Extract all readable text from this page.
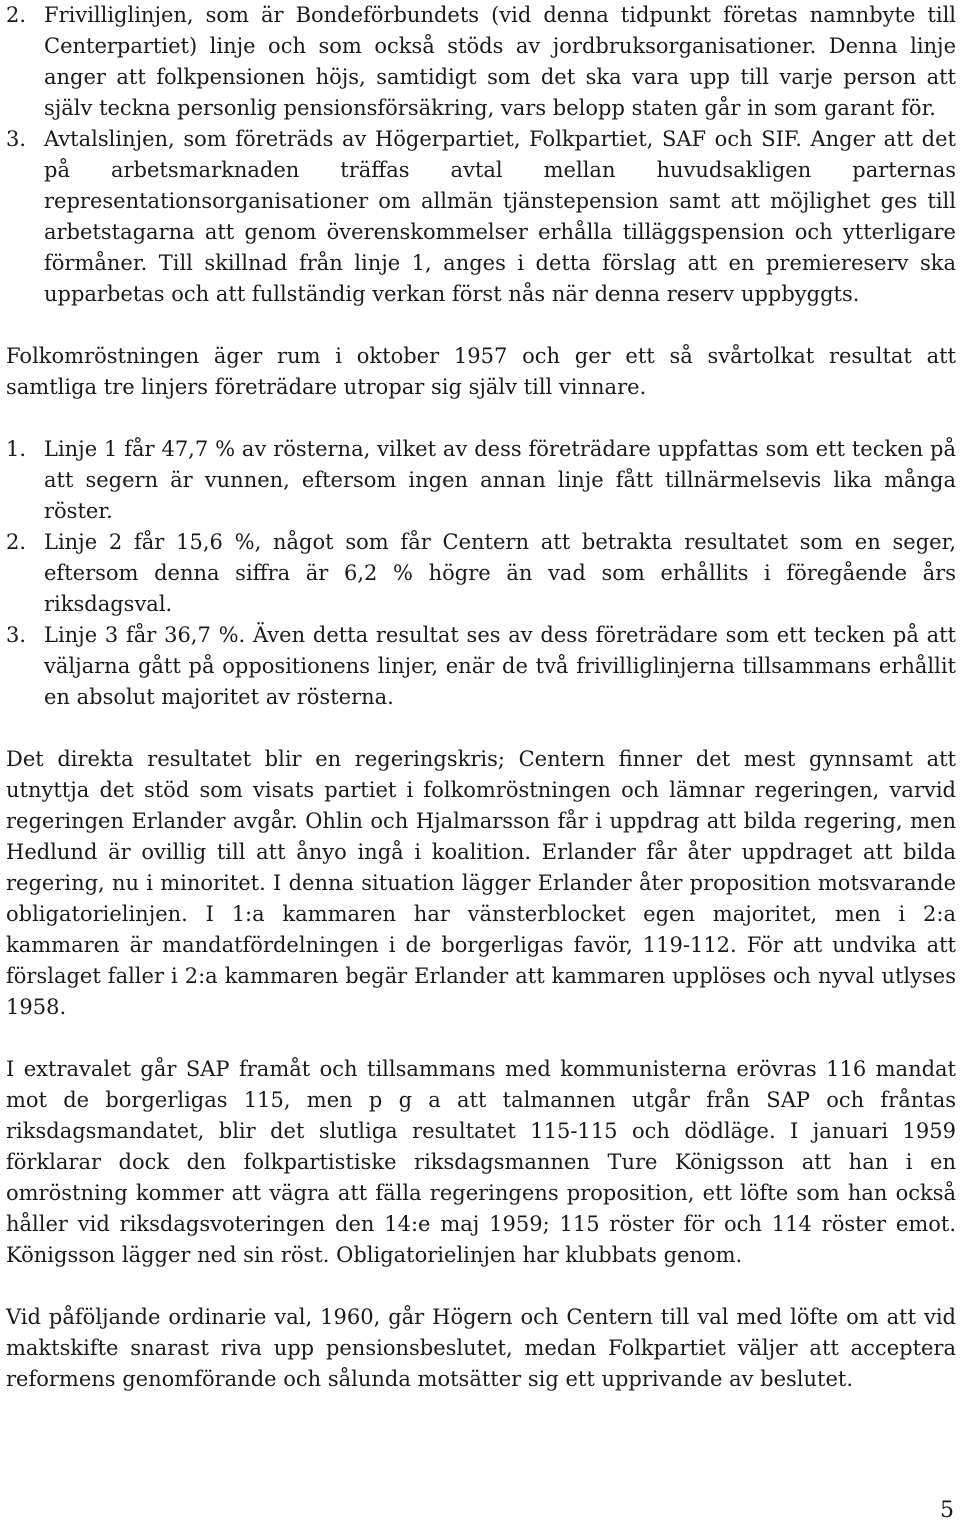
2. Frivilliglinjen, som är Bondeförbundets (vid denna tidpunkt företas namnbyte till Centerpartiet) linje och som också stöds av jordbruksorganisationer. Denna linje anger att folkpensionen höjs, samtidigt som det ska vara upp till varje person att själv teckna personlig pensionsförsäkring, vars belopp staten går in som garant för.
3. Avtalslinjen, som företräds av Högerpartiet, Folkpartiet, SAF och SIF. Anger att det på arbetsmarknaden träffas avtal mellan huvudsakligen parternas representationsorganisationer om allmän tjänstepension samt att möjlighet ges till arbetstagarna att genom överenskommelser erhålla tilläggspension och ytterligare förmåner. Till skillnad från linje 1, anges i detta förslag att en premiereserv ska upparbetas och att fullständig verkan först nås när denna reserv uppbyggts.

Folkomröstningen äger rum i oktober 1957 och ger ett så svårtolkat resultat att samtliga tre linjers företrädare utropar sig själv till vinnare.

1. Linje 1 får 47,7 % av rösterna, vilket av dess företrädare uppfattas som ett tecken på att segern är vunnen, eftersom ingen annan linje fått tillnärmelsevis lika många röster.
2. Linje 2 får 15,6 %, något som får Centern att betrakta resultatet som en seger, eftersom denna siffra är 6,2 % högre än vad som erhållits i föregående års riksdagsval.
3. Linje 3 får 36,7 %. Även detta resultat ses av dess företrädare som ett tecken på att väljarna gått på oppositionens linjer, enär de två frivilliglinjerna tillsammans erhållit en absolut majoritet av rösterna.

Det direkta resultatet blir en regeringskris; Centern finner det mest gynnsamt att utnyttja det stöd som visats partiet i folkomröstningen och lämnar regeringen, varvid regeringen Erlander avgår. Ohlin och Hjalmarsson får i uppdrag att bilda regering, men Hedlund är ovillig till att ånyo ingå i koalition. Erlander får åter uppdraget att bilda regering, nu i minoritet. I denna situation lägger Erlander åter proposition motsvarande obligatorielinjen. I 1:a kammaren har vänsterblocket egen majoritet, men i 2:a kammaren är mandatfördelningen i de borgerligas favör, 119-112. För att undvika att förslaget faller i 2:a kammaren begär Erlander att kammaren upplöses och nyval utlyses 1958.

I extravalet går SAP framåt och tillsammans med kommunisterna erövras 116 mandat mot de borgerligas 115, men p g a att talmannen utgår från SAP och fråntas riksdagsmandatet, blir det slutliga resultatet 115-115 och dödläge. I januari 1959 förklarar dock den folkpartistiske riksdagsmannen Ture Königsson att han i en omröstning kommer att vägra att fälla regeringens proposition, ett löfte som han också håller vid riksdagsvoteringen den 14:e maj 1959; 115 röster för och 114 röster emot. Königsson lägger ned sin röst. Obligatorielinjen har klubbats genom.

Vid påföljande ordinarie val, 1960, går Högern och Centern till val med löfte om att vid maktskifte snarast riva upp pensionsbeslutet, medan Folkpartiet väljer att acceptera reformens genomförande och sålunda motsätter sig ett upprivande av beslutet.

5
